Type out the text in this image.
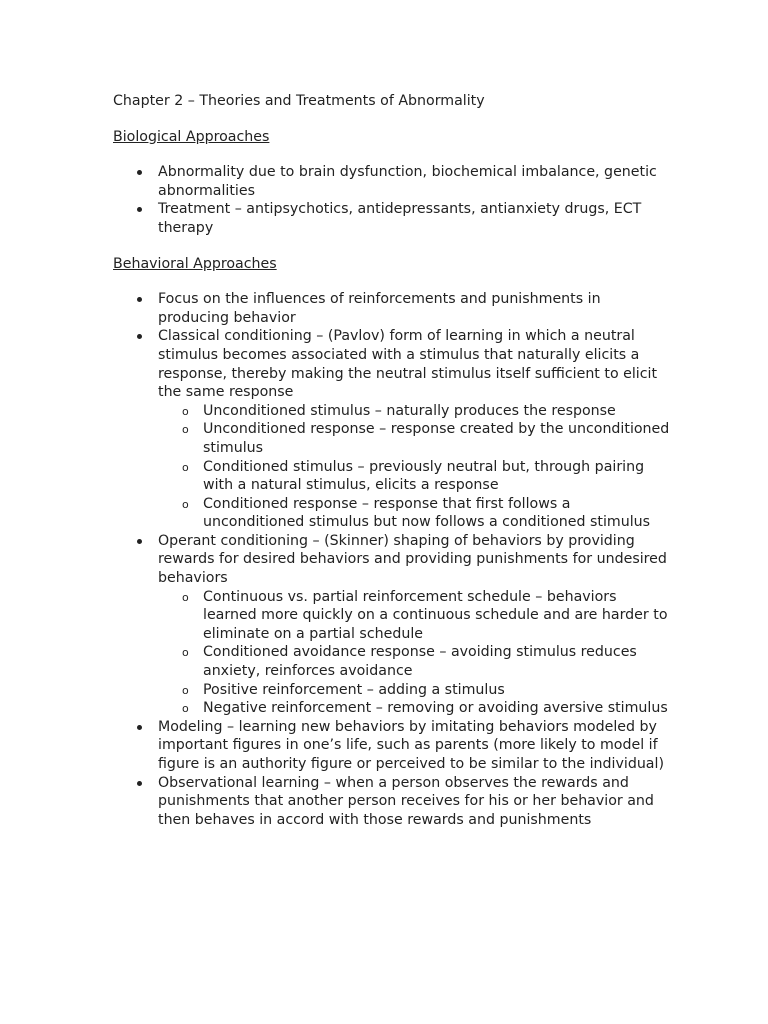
Chapter 2 – Theories and Treatments of Abnormality

Biological Approaches

Abnormality due to brain dysfunction, biochemical imbalance, genetic abnormalities
Treatment – antipsychotics, antidepressants, antianxiety drugs, ECT therapy

Behavioral Approaches

Focus on the influences of reinforcements and punishments in producing behavior
Classical conditioning – (Pavlov) form of learning in which a neutral stimulus becomes associated with a stimulus that naturally elicits a response, thereby making the neutral stimulus itself sufficient to elicit the same response
o Unconditioned stimulus – naturally produces the response
o Unconditioned response – response created by the unconditioned stimulus
o Conditioned stimulus – previously neutral but, through pairing with a natural stimulus, elicits a response
o Conditioned response – response that first follows a unconditioned stimulus but now follows a conditioned stimulus
Operant conditioning – (Skinner) shaping of behaviors by providing rewards for desired behaviors and providing punishments for undesired behaviors
o Continuous vs. partial reinforcement schedule – behaviors learned more quickly on a continuous schedule and are harder to eliminate on a partial schedule
o Conditioned avoidance response – avoiding stimulus reduces anxiety, reinforces avoidance
o Positive reinforcement – adding a stimulus
o Negative reinforcement – removing or avoiding aversive stimulus
Modeling – learning new behaviors by imitating behaviors modeled by important figures in one’s life, such as parents (more likely to model if figure is an authority figure or perceived to be similar to the individual)
Observational learning – when a person observes the rewards and punishments that another person receives for his or her behavior and then behaves in accord with those rewards and punishments
